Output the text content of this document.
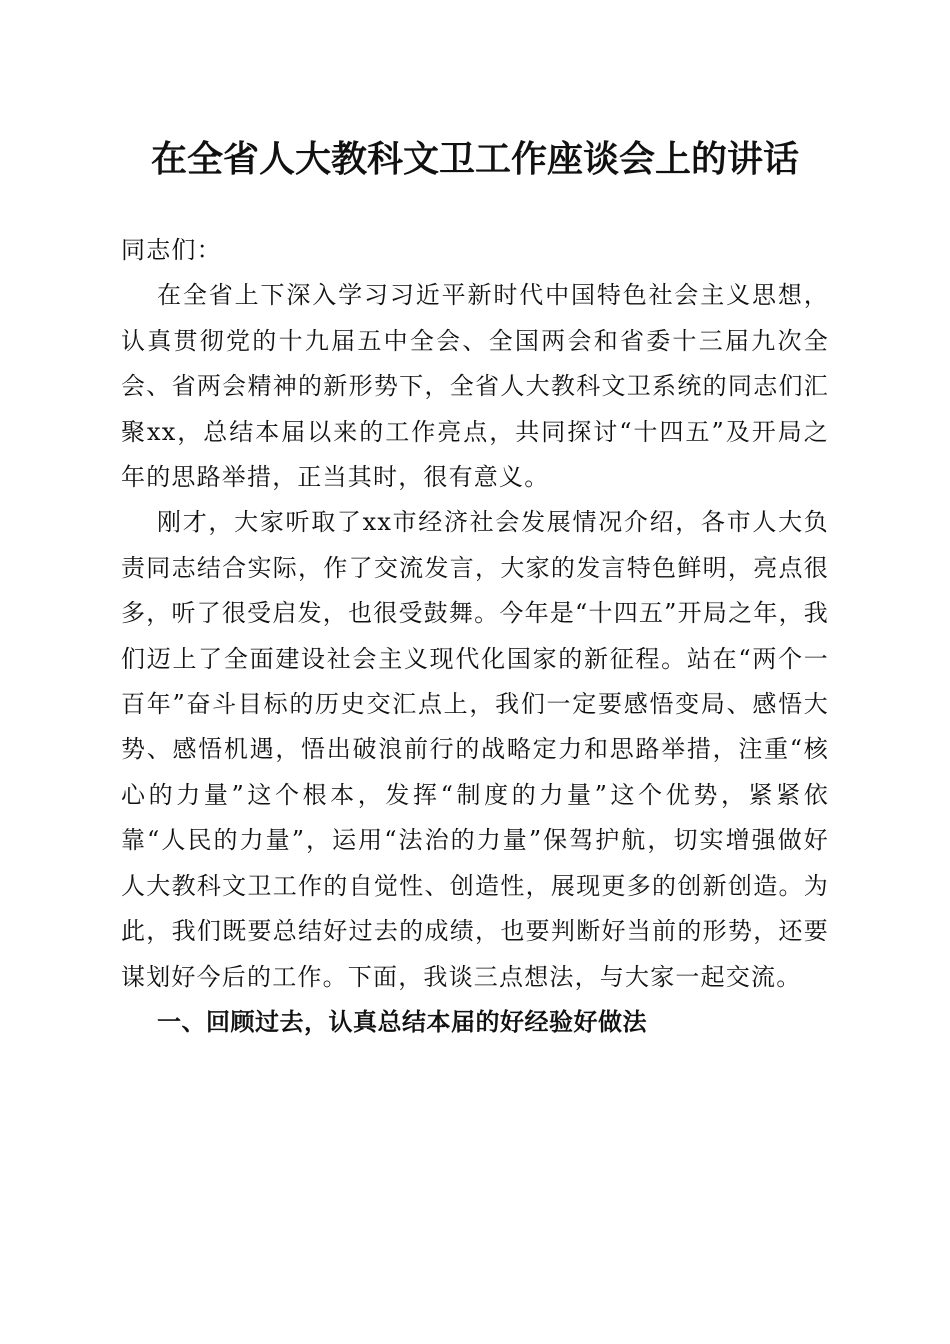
在全省人大教科文卫工作座谈会上的讲话

同志们：

在全省上下深入学习习近平新时代中国特色社会主义思想，认真贯彻党的十九届五中全会、全国两会和省委十三届九次全会、省两会精神的新形势下，全省人大教科文卫系统的同志们汇聚xx，总结本届以来的工作亮点，共同探讨“十四五”及开局之年的思路举措，正当其时，很有意义。

刚才，大家听取了xx市经济社会发展情况介绍，各市人大负责同志结合实际，作了交流发言，大家的发言特色鲜明，亮点很多，听了很受启发，也很受鼓舞。今年是“十四五”开局之年，我们迈上了全面建设社会主义现代化国家的新征程。站在“两个一百年”奋斗目标的历史交汇点上，我们一定要感悟变局、感悟大势、感悟机遇，悟出破浪前行的战略定力和思路举措，注重“核心的力量”这个根本，发挥“制度的力量”这个优势，紧紧依靠“人民的力量”，运用“法治的力量”保驾护航，切实增强做好人大教科文卫工作的自觉性、创造性，展现更多的创新创造。为此，我们既要总结好过去的成绩，也要判断好当前的形势，还要谋划好今后的工作。下面，我谈三点想法，与大家一起交流。

一、回顾过去，认真总结本届的好经验好做法
